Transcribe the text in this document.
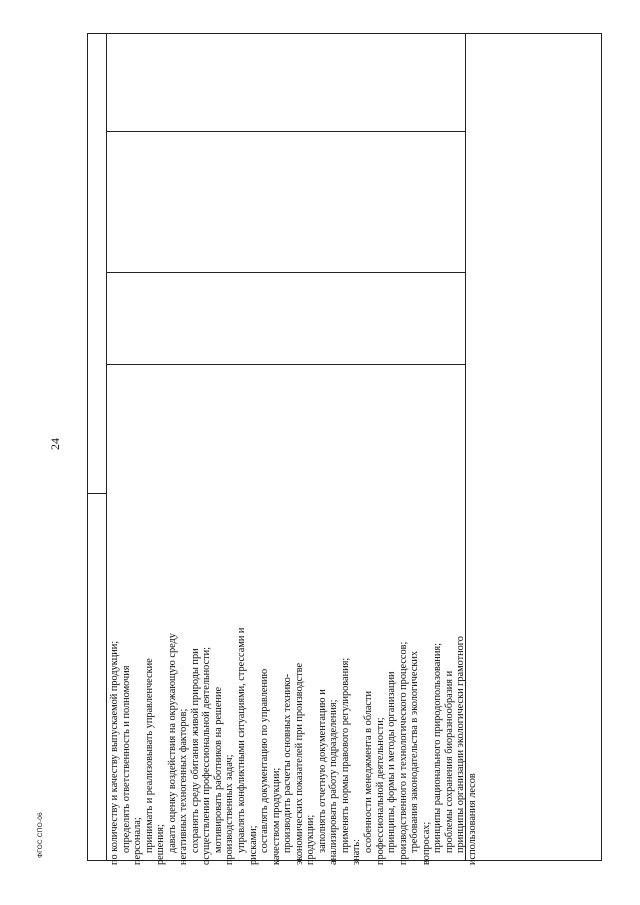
24
по количеству и качеству выпускаемой продукции; определять ответственность и полномочия персонала; принимать и реализовывать управленческие решения; давать оценку воздействия на окружающую среду негативных техногенных факторов; сохранять среду обитания живой природы при осуществлении профессиональной деятельности; мотивировать работников на решение производственных задач; управлять конфликтными ситуациями, стрессами и рисками; составлять документацию по управлению качеством продукции; производить расчеты основных технико- экономических показателей при производстве продукции; заполнять отчетную документацию и анализировать работу подразделения; применять нормы правового регулирования; знать: особенности менеджмента в области профессиональной деятельности; принципы, формы и методы организации производственного и технологического процессов; требования законодательства в экологических вопросах; принципы рационального природопользования; проблемы сохранения биоразнообразия и принципы организации экологически грамотного использования лесов
ФГОС СПО-06
